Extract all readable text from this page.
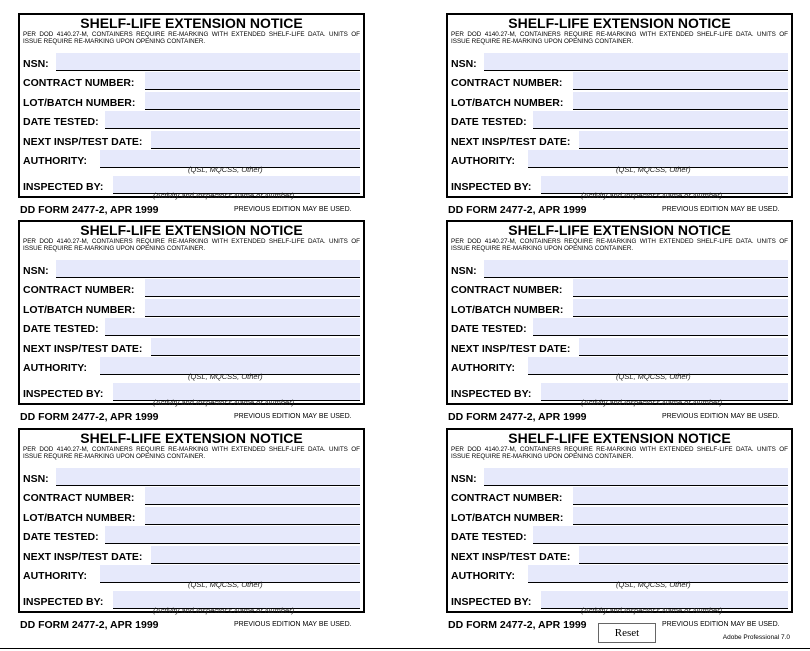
SHELF-LIFE EXTENSION NOTICE
PER DOD 4140.27-M, CONTAINERS REQUIRE RE-MARKING WITH EXTENDED SHELF-LIFE DATA. UNITS OF ISSUE REQUIRE RE-MARKING UPON OPENING CONTAINER.
NSN:
CONTRACT NUMBER:
LOT/BATCH NUMBER:
DATE TESTED:
NEXT INSP/TEST DATE:
AUTHORITY:
INSPECTED BY:
(QSL, MQCSS, Other)
(Activity and Inspector's Name or Number)
DD FORM 2477-2, APR 1999	PREVIOUS EDITION MAY BE USED.
SHELF-LIFE EXTENSION NOTICE
PER DOD 4140.27-M, CONTAINERS REQUIRE RE-MARKING WITH EXTENDED SHELF-LIFE DATA. UNITS OF ISSUE REQUIRE RE-MARKING UPON OPENING CONTAINER.
NSN:
CONTRACT NUMBER:
LOT/BATCH NUMBER:
DATE TESTED:
NEXT INSP/TEST DATE:
AUTHORITY:
INSPECTED BY:
(QSL, MQCSS, Other)
(Activity and Inspector's Name or Number)
DD FORM 2477-2, APR 1999	PREVIOUS EDITION MAY BE USED.
SHELF-LIFE EXTENSION NOTICE
PER DOD 4140.27-M, CONTAINERS REQUIRE RE-MARKING WITH EXTENDED SHELF-LIFE DATA. UNITS OF ISSUE REQUIRE RE-MARKING UPON OPENING CONTAINER.
NSN:
CONTRACT NUMBER:
LOT/BATCH NUMBER:
DATE TESTED:
NEXT INSP/TEST DATE:
AUTHORITY:
INSPECTED BY:
(QSL, MQCSS, Other)
(Activity and Inspector's Name or Number)
DD FORM 2477-2, APR 1999	PREVIOUS EDITION MAY BE USED.
SHELF-LIFE EXTENSION NOTICE
PER DOD 4140.27-M, CONTAINERS REQUIRE RE-MARKING WITH EXTENDED SHELF-LIFE DATA. UNITS OF ISSUE REQUIRE RE-MARKING UPON OPENING CONTAINER.
NSN:
CONTRACT NUMBER:
LOT/BATCH NUMBER:
DATE TESTED:
NEXT INSP/TEST DATE:
AUTHORITY:
INSPECTED BY:
(QSL, MQCSS, Other)
(Activity and Inspector's Name or Number)
DD FORM 2477-2, APR 1999	PREVIOUS EDITION MAY BE USED.
SHELF-LIFE EXTENSION NOTICE
PER DOD 4140.27-M, CONTAINERS REQUIRE RE-MARKING WITH EXTENDED SHELF-LIFE DATA. UNITS OF ISSUE REQUIRE RE-MARKING UPON OPENING CONTAINER.
NSN:
CONTRACT NUMBER:
LOT/BATCH NUMBER:
DATE TESTED:
NEXT INSP/TEST DATE:
AUTHORITY:
INSPECTED BY:
(QSL, MQCSS, Other)
(Activity and Inspector's Name or Number)
DD FORM 2477-2, APR 1999	PREVIOUS EDITION MAY BE USED.
SHELF-LIFE EXTENSION NOTICE
PER DOD 4140.27-M, CONTAINERS REQUIRE RE-MARKING WITH EXTENDED SHELF-LIFE DATA. UNITS OF ISSUE REQUIRE RE-MARKING UPON OPENING CONTAINER.
NSN:
CONTRACT NUMBER:
LOT/BATCH NUMBER:
DATE TESTED:
NEXT INSP/TEST DATE:
AUTHORITY:
INSPECTED BY:
(QSL, MQCSS, Other)
(Activity and Inspector's Name or Number)
DD FORM 2477-2, APR 1999	PREVIOUS EDITION MAY BE USED.
Reset	Adobe Professional 7.0
